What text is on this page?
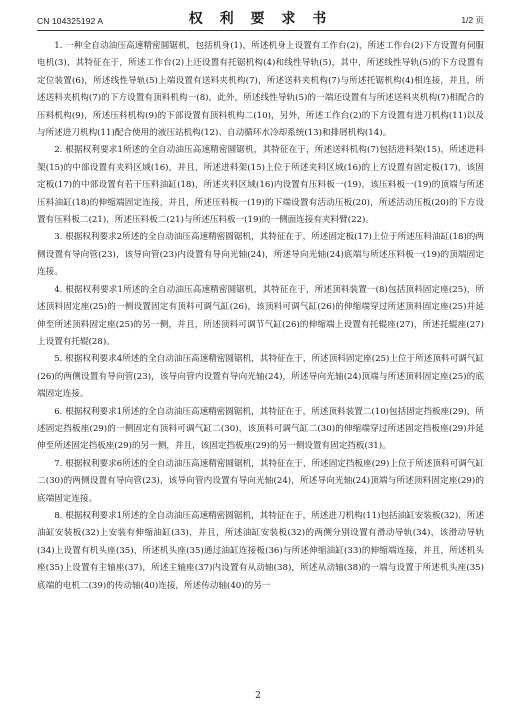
CN 104325192 A	权 利 要 求 书	1/2 页

1. 一种全自动油压高速精密圆锯机，包括机身(1)，所述机身上设置有工作台(2)，所述工作台(2)下方设置有伺服电机(3)，其特征在于，所述工作台(2)上还设置有托锯机构(4)和线性导轨(5)，其中，所述线性导轨(5)的下方设置有定位装置(6)，所述线性导轨(5)上端设置有送料夹机构(7)，所述送料夹机构(7)与所述托锯机构(4)相连接，并且，所述送料夹机构(7)的下方设置有顶料机构一(8)，此外，所述线性导轨(5)的一端还设置有与所述送料夹机构(7)相配合的压料机构(9)，所述压料机构(9)的下部设置有顶料机构二(10)，另外，所述工作台(2)的下方设置有进刀机构(11)以及与所述进刀机构(11)配合使用的液压站机构(12)、自动循环水冷却系统(13)和排屑机构(14)。

2. 根据权利要求1所述的全自动油压高速精密圆锯机，其特征在于，所述送料机构(7)包括进料架(15)，所述进料架(15)的中部设置有夹料区域(16)，并且，所述进料架(15)上位于所述夹料区域(16)的上方设置有固定板(17)，该固定板(17)的中部设置有若干压料油缸(18)，所述夹料区域(16)内设置有压料板一(19)，该压料板一(19)的顶端与所述压料油缸(18)的伸缩端固定连接，并且，所述压料板一(19)的下端设置有活动压板(20)，所述活动压板(20)的下方设置有压料板二(21)，所述压料板二(21)与所述压料板一(19)的一侧面连接有夹料臂(22)。

3. 根据权利要求2所述的全自动油压高速精密圆锯机，其特征在于，所述固定板(17)上位于所述压料油缸(18)的两侧设置有导向管(23)，该导向管(23)内设置有导向光轴(24)，所述导向光轴(24)底端与所述压料板一(19)的顶端固定连接。

4. 根据权利要求1所述的全自动油压高速精密圆锯机，其特征在于，所述顶料装置一(8)包括顶料固定座(25)，所述顶料固定座(25)的一侧设置固定有顶料可调气缸(26)，该顶料可调气缸(26)的伸缩端穿过所述顶料固定座(25)并延伸至所述顶料固定座(25)的另一侧，并且，所述顶料可调节气缸(26)的伸缩端上设置有托辊座(27)，所述托辊座(27)上设置有托辊(28)。

5. 根据权利要求4所述的全自动油压高速精密圆锯机，其特征在于，所述顶料固定座(25)上位于所述顶料可调气缸(26)的两侧设置有导向管(23)，该导向管内设置有导向光轴(24)，所述导向光轴(24)顶端与所述顶料固定座(25)的底端固定连接。

6. 根据权利要求1所述的全自动油压高速精密圆锯机，其特征在于，所述顶料装置二(10)包括固定挡板座(29)，所述固定挡板座(29)的一侧固定有顶料可调气缸二(30)，该顶料可调气缸二(30)的伸缩端穿过所述固定挡板座(29)并延伸至所述固定挡板座(29)的另一侧，并且，该固定挡板座(29)的另一侧设置有固定挡板(31)。

7. 根据权利要求6所述的全自动油压高速精密圆锯机，其特征在于，所述固定挡板座(29)上位于所述顶料可调气缸二(30)的两侧设置有导向管(23)，该导向管内设置有导向光轴(24)，所述导向光轴(24)顶端与所述顶料固定座(29)的底端固定连接。

8. 根据权利要求1所述的全自动油压高速精密圆锯机，其特征在于，所述进刀机构(11)包括油缸安装板(32)，所述油缸安装板(32)上安装有伸缩油缸(33)，并且，所述油缸安装板(32)的两侧分别设置有滑动导轨(34)，该滑动导轨(34)上设置有机头座(35)，所述机头座(35)通过油缸连接板(36)与所述伸缩油缸(33)的伸缩端连接，并且，所述机头座(35)上设置有主轴座(37)，所述主轴座(37)内设置有从动轴(38)，所述从动轴(38)的一端与设置于所述机头座(35)底端的电机二(39)的传动轴(40)连接，所述传动轴(40)的另一

2
